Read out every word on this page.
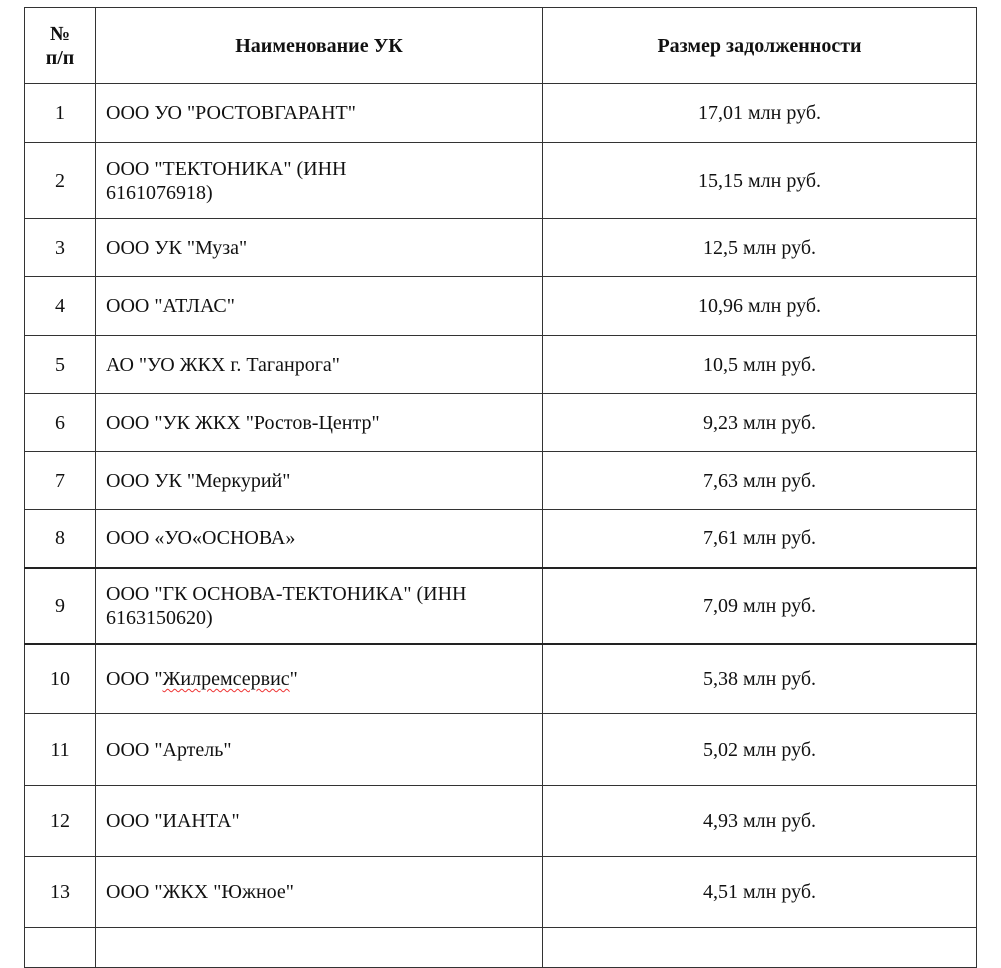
№ п/п	Наименование УК	Размер задолженности
1	ООО УО "РОСТОВГАРАНТ"	17,01 млн руб.
2	ООО "ТЕКТОНИКА" (ИНН 6161076918)	15,15 млн руб.
3	ООО УК "Муза"	12,5 млн руб.
4	ООО "АТЛАС"	10,96 млн руб.
5	АО "УО ЖКХ г. Таганрога"	10,5 млн руб.
6	ООО "УК ЖКХ "Ростов-Центр"	9,23 млн руб.
7	ООО УК "Меркурий"	7,63 млн руб.
8	ООО «УО«ОСНОВА»	7,61 млн руб.
9	ООО "ГК ОСНОВА-ТЕКТОНИКА" (ИНН 6163150620)	7,09 млн руб.
10	ООО "Жилремсервис"	5,38 млн руб.
11	ООО "Артель"	5,02 млн руб.
12	ООО "ИАНТА"	4,93 млн руб.
13	ООО "ЖКХ "Южное"	4,51 млн руб.
